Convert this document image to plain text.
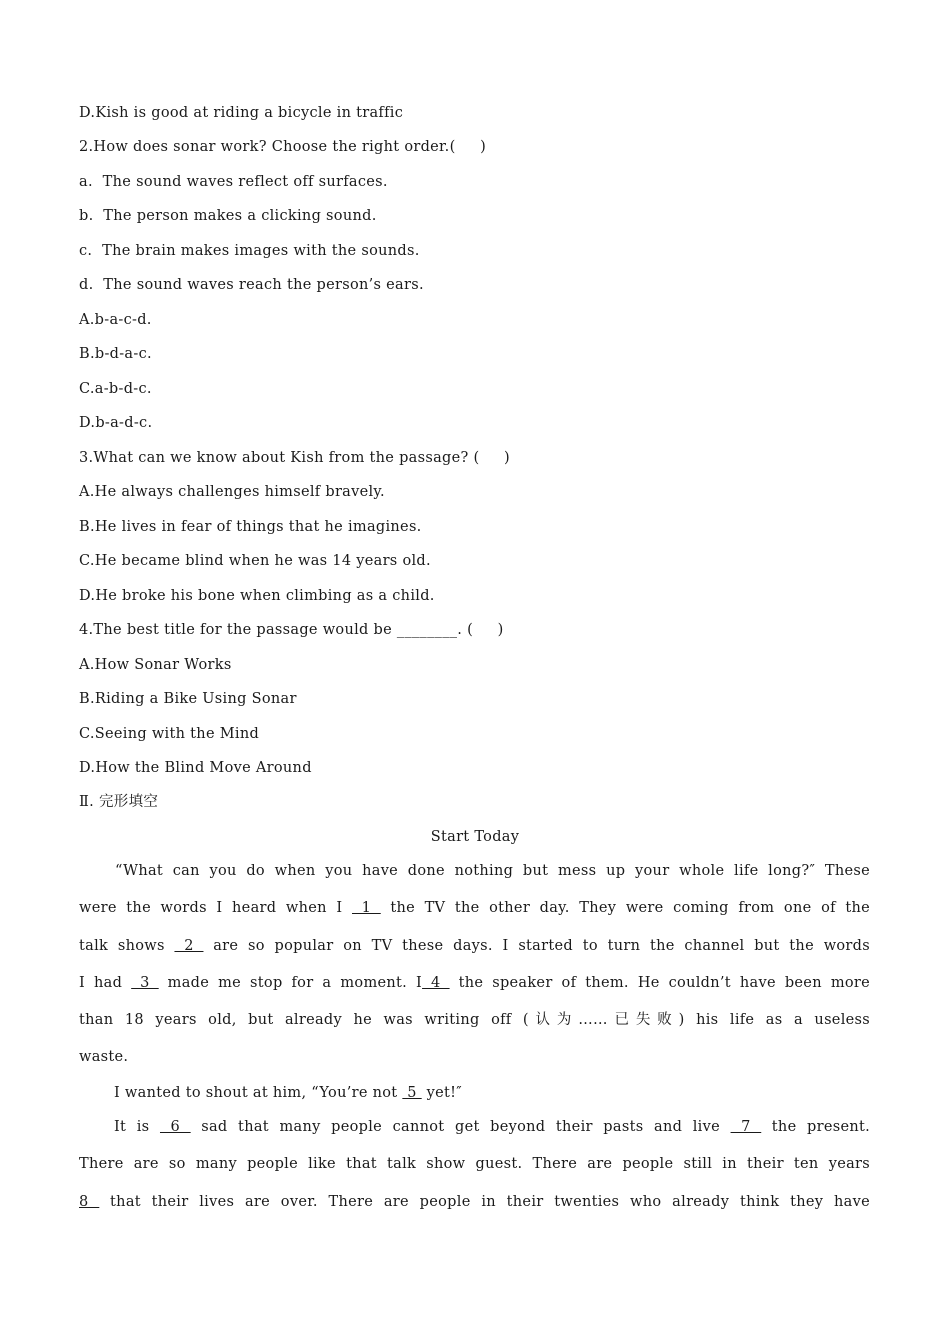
D.Kish is good at riding a bicycle in traffic
2.How does sonar work? Choose the right order.(     )
a.  The sound waves reflect off surfaces.
b.  The person makes a clicking sound.
c.  The brain makes images with the sounds.
d.  The sound waves reach the person’s ears.
A.b-a-c-d.
B.b-d-a-c.
C.a-b-d-c.
D.b-a-d-c.
3.What can we know about Kish from the passage? (     )
A.He always challenges himself bravely.
B.He lives in fear of things that he imagines.
C.He became blind when he was 14 years old.
D.He broke his bone when climbing as a child.
4.The best title for the passage would be ________. (     )
A.How Sonar Works
B.Riding a Bike Using Sonar
C.Seeing with the Mind
D.How the Blind Move Around
Ⅱ. 完形填空
Start Today
“What can you do when you have done nothing but mess up your whole life long?″ These
were the words I heard when I  1  the TV the other day. They were coming from one of the
talk shows  2  are so popular on TV these days. I started to turn the channel but the words
I had  3  made me stop for a moment. I 4  the speaker of them. He couldn’t have been more
than 18 years old, but already he was writing off (认为……已失败) his life as a useless
waste.
I wanted to shout at him, “You’re not  5  yet!″
It is  6  sad that many people cannot get beyond their pasts and live  7  the present.
There are so many people like that talk show guest. There are people still in their ten years
8  that their lives are over. There are people in their twenties who already think they have
